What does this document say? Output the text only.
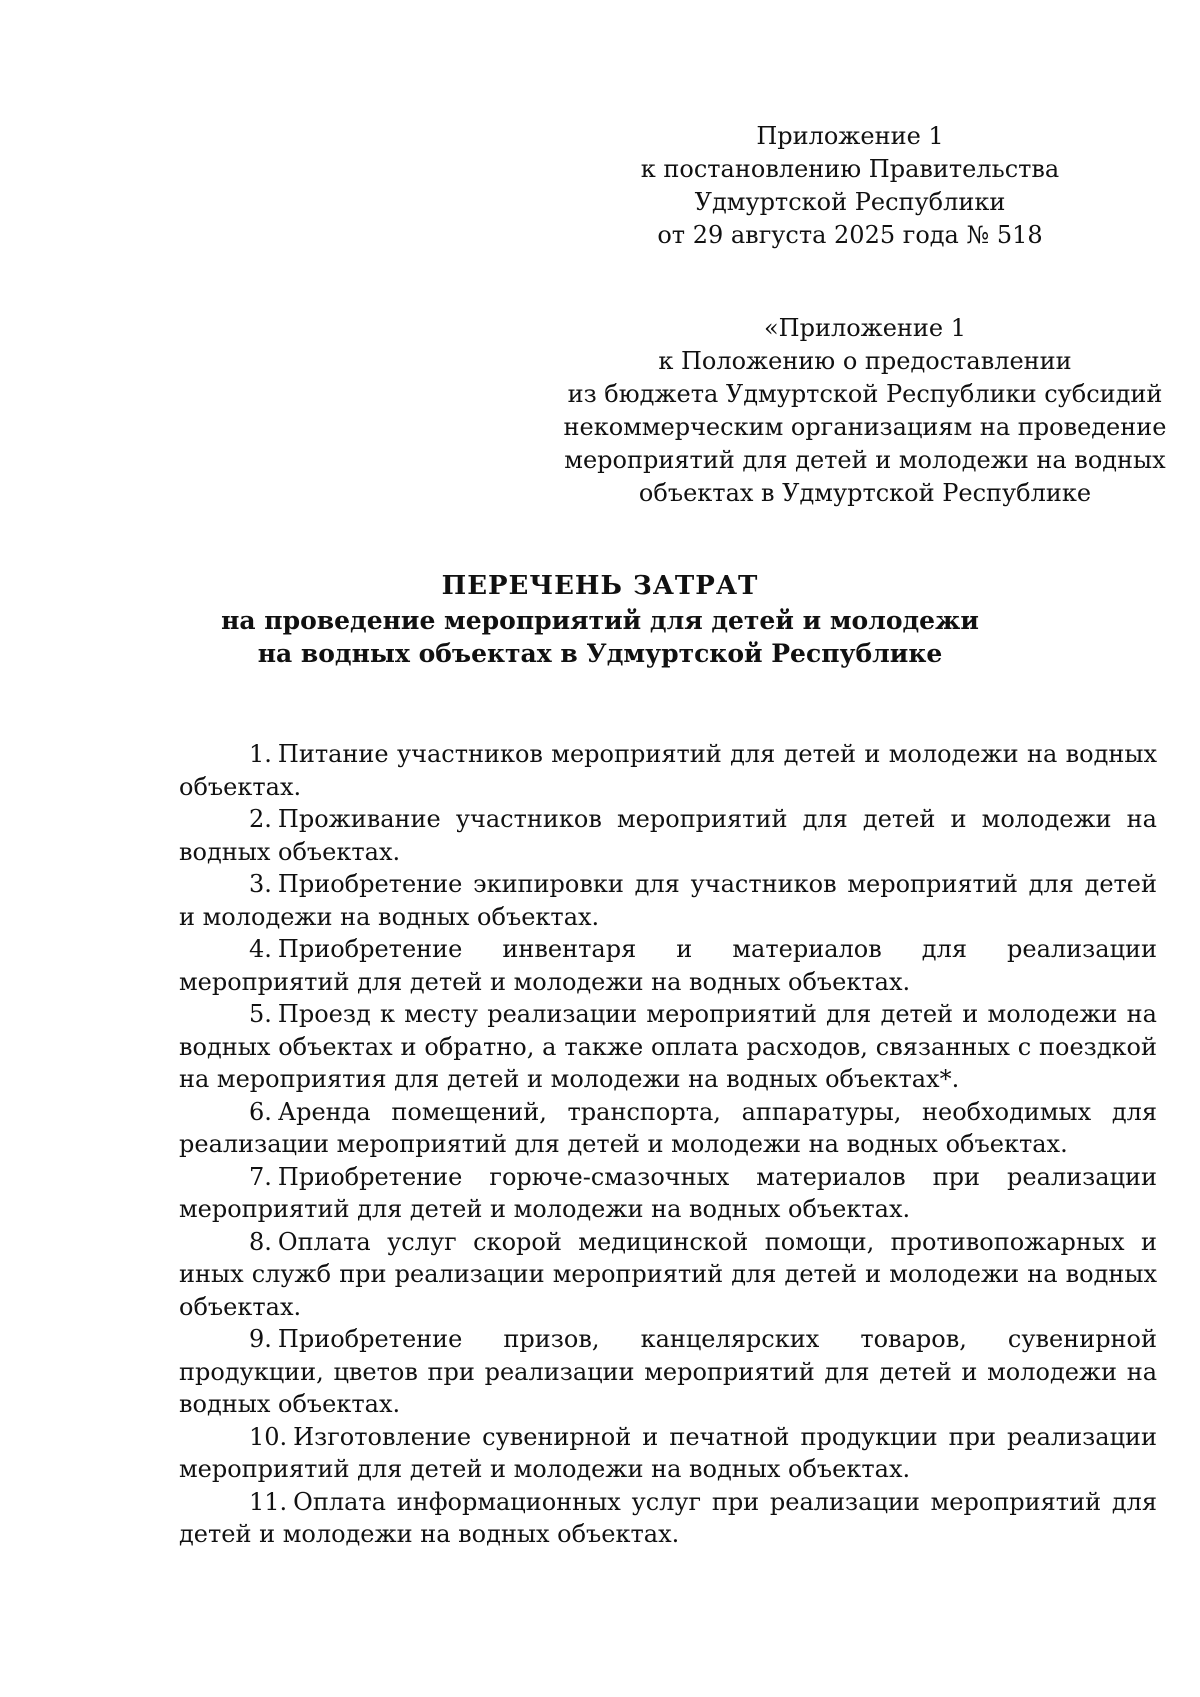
Приложение 1
к постановлению Правительства
Удмуртской Республики
от 29 августа 2025 года № 518
«Приложение 1
к Положению о предоставлении
из бюджета Удмуртской Республики субсидий
некоммерческим организациям на проведение
мероприятий для детей и молодежи на водных
объектах в Удмуртской Республике
ПЕРЕЧЕНЬ ЗАТРАТ
на проведение мероприятий для детей и молодежи
на водных объектах в Удмуртской Республике

1. Питание участников мероприятий для детей и молодежи на водных объектах.

2. Проживание участников мероприятий для детей и молодежи на водных объектах.

3. Приобретение экипировки для участников мероприятий для детей и молодежи на водных объектах.

4. Приобретение инвентаря и материалов для реализации мероприятий для детей и молодежи на водных объектах.

5. Проезд к месту реализации мероприятий для детей и молодежи на водных объектах и обратно, а также оплата расходов, связанных с поездкой на мероприятия для детей и молодежи на водных объектах*.

6. Аренда помещений, транспорта, аппаратуры, необходимых для реализации мероприятий для детей и молодежи на водных объектах.

7. Приобретение горюче-смазочных материалов при реализации мероприятий для детей и молодежи на водных объектах.

8. Оплата услуг скорой медицинской помощи, противопожарных и иных служб при реализации мероприятий для детей и молодежи на водных объектах.

9. Приобретение призов, канцелярских товаров, сувенирной продукции, цветов при реализации мероприятий для детей и молодежи на водных объектах.

10. Изготовление сувенирной и печатной продукции при реализации мероприятий для детей и молодежи на водных объектах.

11. Оплата информационных услуг при реализации мероприятий для детей и молодежи на водных объектах.
